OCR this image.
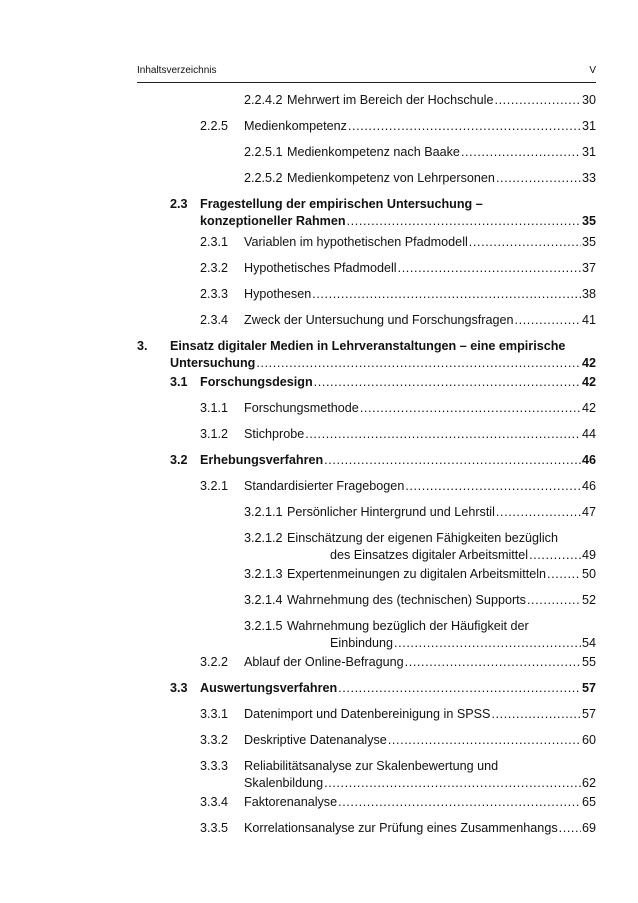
Inhaltsverzeichnis	V
2.2.4.2 Mehrwert im Bereich der Hochschule .....	30
2.2.5 Medienkompetenz .....	31
2.2.5.1 Medienkompetenz nach Baake .....	31
2.2.5.2 Medienkompetenz von Lehrpersonen .....	33
2.3 Fragestellung der empirischen Untersuchung –
konzeptioneller Rahmen .....	35
2.3.1 Variablen im hypothetischen Pfadmodell .....	35
2.3.2 Hypothetisches Pfadmodell .....	37
2.3.3 Hypothesen .....	38
2.3.4 Zweck der Untersuchung und Forschungsfragen .....	41
3. Einsatz digitaler Medien in Lehrveranstaltungen – eine empirische
Untersuchung .....	42
3.1 Forschungsdesign .....	42
3.1.1 Forschungsmethode .....	42
3.1.2 Stichprobe .....	44
3.2 Erhebungsverfahren .....	46
3.2.1 Standardisierter Fragebogen .....	46
3.2.1.1 Persönlicher Hintergrund und Lehrstil .....	47
3.2.1.2 Einschätzung der eigenen Fähigkeiten bezüglich
des Einsatzes digitaler Arbeitsmittel .....	49
3.2.1.3 Expertenmeinungen zu digitalen Arbeitsmitteln .....	50
3.2.1.4 Wahrnehmung des (technischen) Supports .....	52
3.2.1.5 Wahrnehmung bezüglich der Häufigkeit der
Einbindung .....	54
3.2.2 Ablauf der Online-Befragung .....	55
3.3 Auswertungsverfahren .....	57
3.3.1 Datenimport und Datenbereinigung in SPSS .....	57
3.3.2 Deskriptive Datenanalyse .....	60
3.3.3 Reliabilitätsanalyse zur Skalenbewertung und
Skalenbildung .....	62
3.3.4 Faktorenanalyse .....	65
3.3.5 Korrelationsanalyse zur Prüfung eines Zusammenhangs ..... 69
